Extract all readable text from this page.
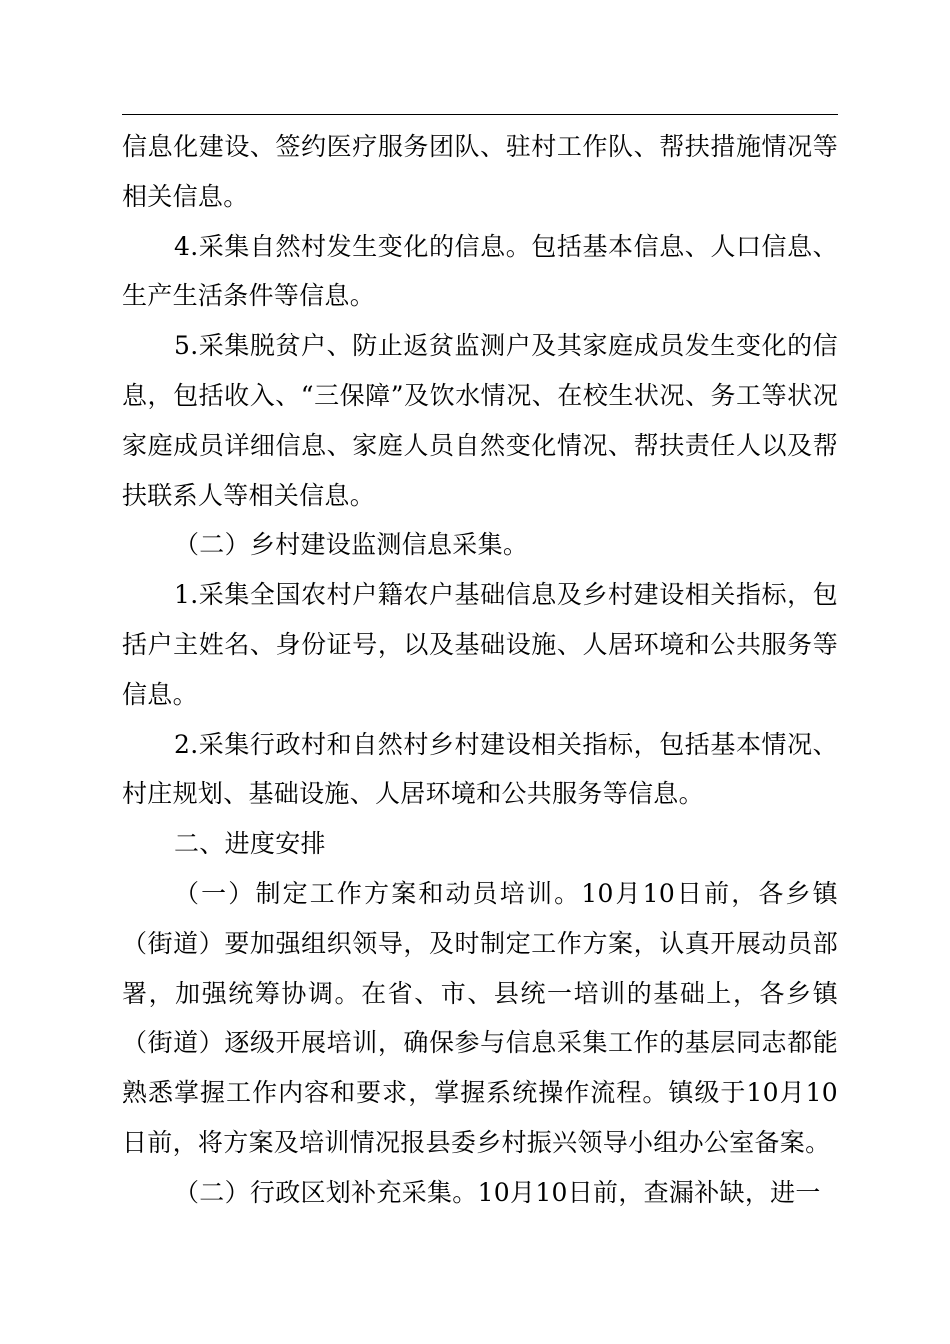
信息化建设、签约医疗服务团队、驻村工作队、帮扶措施情况等相关信息。

4.采集自然村发生变化的信息。包括基本信息、人口信息、生产生活条件等信息。

5.采集脱贫户、防止返贫监测户及其家庭成员发生变化的信息，包括收入、“三保障”及饮水情况、在校生状况、务工等状况家庭成员详细信息、家庭人员自然变化情况、帮扶责任人以及帮扶联系人等相关信息。

（二）乡村建设监测信息采集。

1.采集全国农村户籍农户基础信息及乡村建设相关指标，包括户主姓名、身份证号，以及基础设施、人居环境和公共服务等信息。

2.采集行政村和自然村乡村建设相关指标，包括基本情况、村庄规划、基础设施、人居环境和公共服务等信息。

二、进度安排

（一）制定工作方案和动员培训。10月10日前，各乡镇（街道）要加强组织领导，及时制定工作方案，认真开展动员部署，加强统筹协调。在省、市、县统一培训的基础上，各乡镇（街道）逐级开展培训，确保参与信息采集工作的基层同志都能熟悉掌握工作内容和要求，掌握系统操作流程。镇级于10月10日前，将方案及培训情况报县委乡村振兴领导小组办公室备案。

（二）行政区划补充采集。10月10日前，查漏补缺，进一
